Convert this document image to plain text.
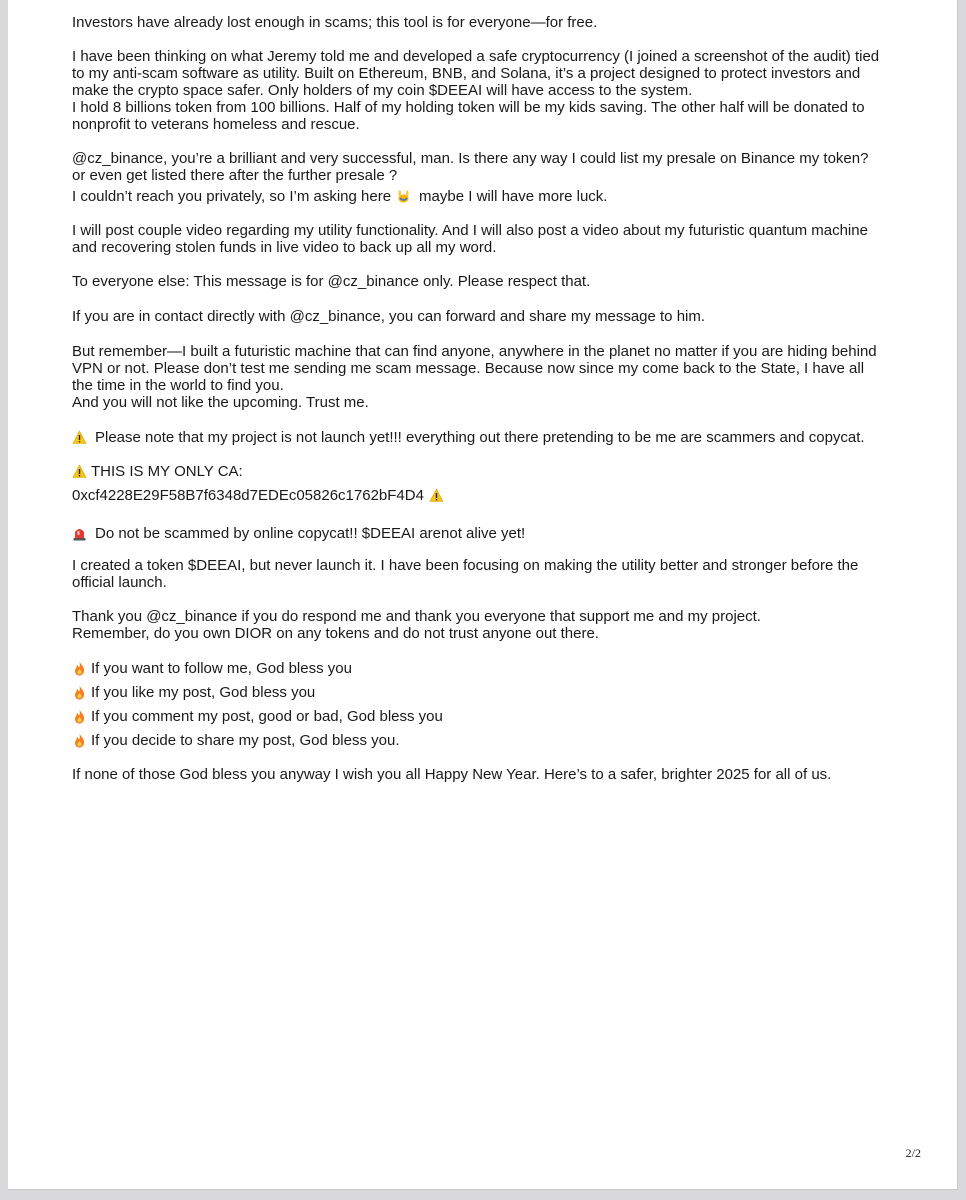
Investors have already lost enough in scams; this tool is for everyone—for free.

I have been thinking on what Jeremy told me and developed a safe cryptocurrency (I joined a screenshot of the audit) tied
to my anti-scam software as utility. Built on Ethereum, BNB, and Solana, it’s a project designed to protect investors and
make the crypto space safer. Only holders of my coin $DEEAI will have access to the system.
I hold 8 billions token from 100 billions. Half of my holding token will be my kids saving. The other half will be donated to
nonprofit to veterans homeless and rescue.

@cz_binance, you’re a brilliant and very successful, man. Is there any way I could list my presale on Binance my token?
or even get listed there after the further presale ?
I couldn’t reach you privately, so I’m asking here maybe I will have more luck.

I will post couple video regarding my utility functionality. And I will also post a video about my futuristic quantum machine
and recovering stolen funds in live video to back up all my word.

To everyone else: This message is for @cz_binance only. Please respect that.

If you are in contact directly with @cz_binance, you can forward and share my message to him.

But remember—I built a futuristic machine that can find anyone, anywhere in the planet no matter if you are hiding behind
VPN or not. Please don’t test me sending me scam message. Because now since my come back to the State, I have all
the time in the world to find you.
And you will not like the upcoming. Trust me.

Please note that my project is not launch yet!!! everything out there pretending to be me are scammers and copycat.
THIS IS MY ONLY CA:
0xcf4228E29F58B7f6348d7EDEc05826c1762bF4D4
Do not be scammed by online copycat!! $DEEAI arenot alive yet!

I created a token $DEEAI, but never launch it. I have been focusing on making the utility better and stronger before the
official launch.

Thank you @cz_binance if you do respond me and thank you everyone that support me and my project.
Remember, do you own DIOR on any tokens and do not trust anyone out there.

If you want to follow me, God bless you
If you like my post, God bless you
If you comment my post, good or bad, God bless you
If you decide to share my post, God bless you.

If none of those God bless you anyway I wish you all Happy New Year. Here’s to a safer, brighter 2025 for all of us.

2/2
